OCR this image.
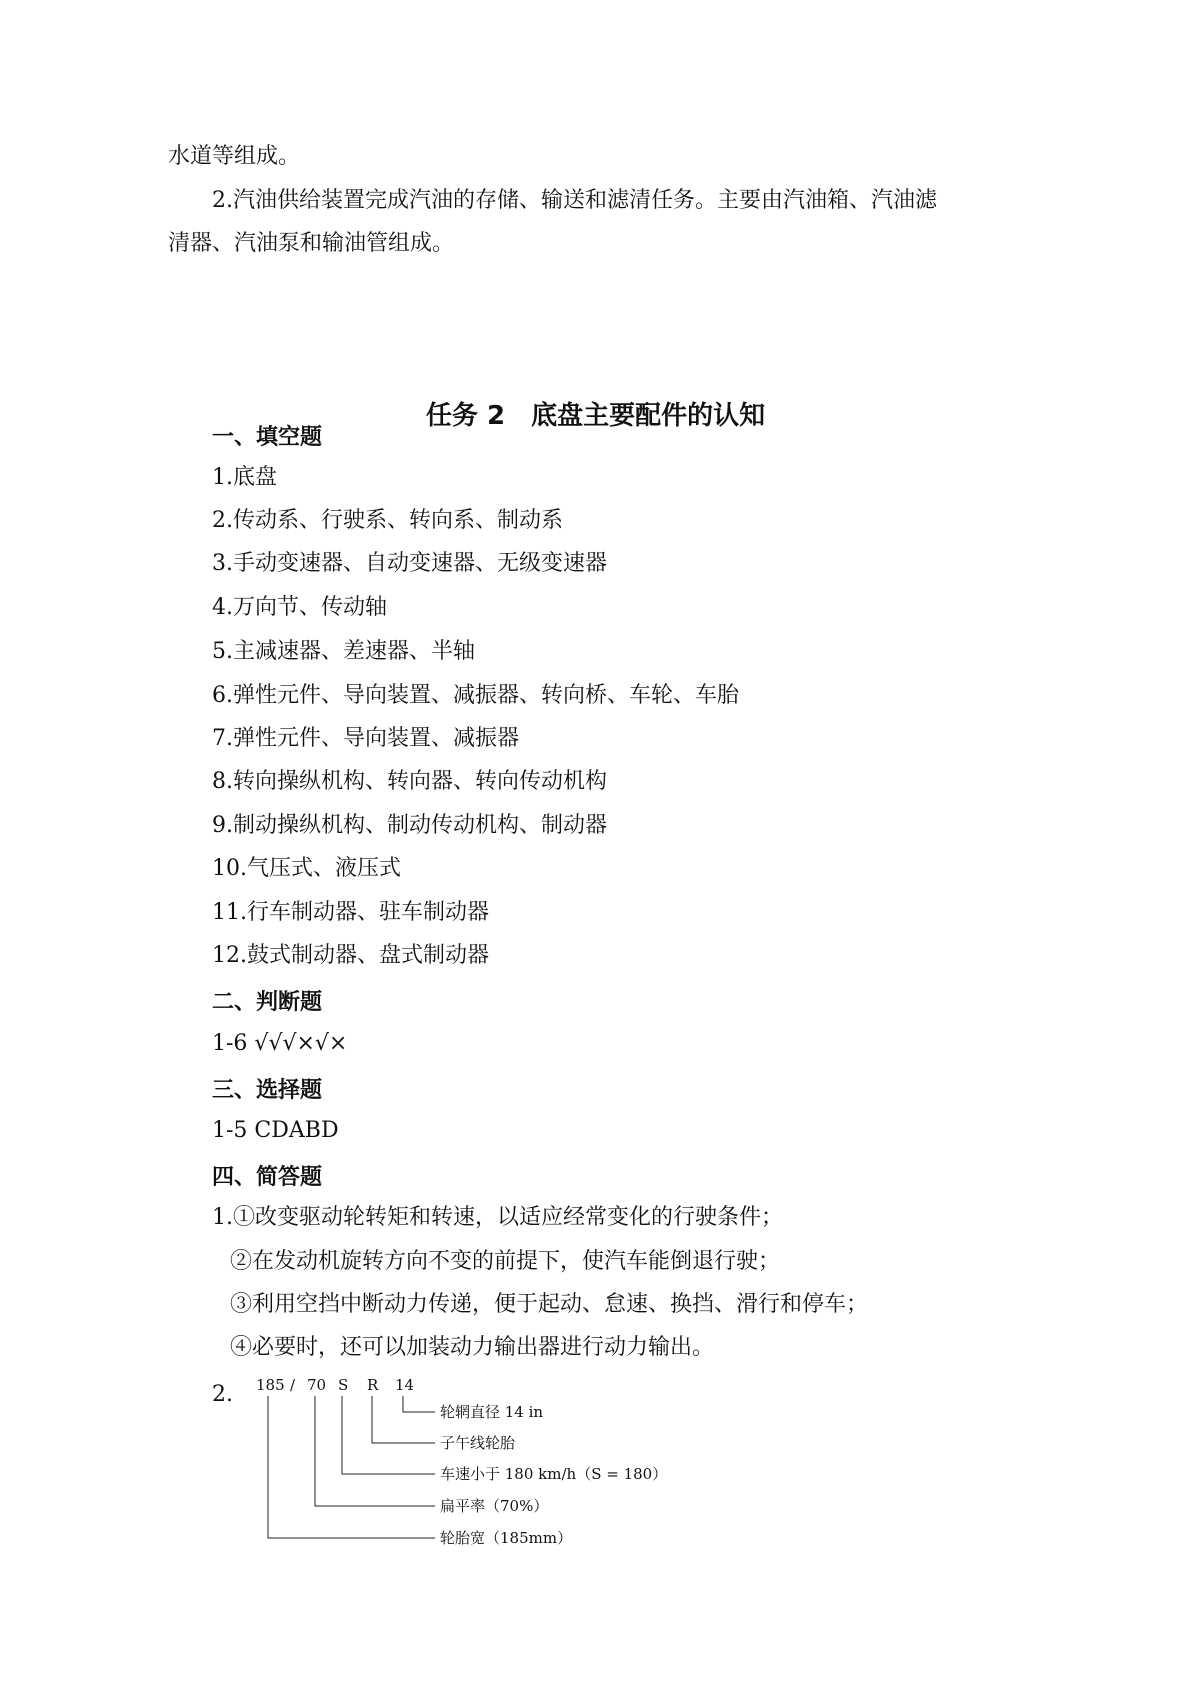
水道等组成。
2.汽油供给装置完成汽油的存储、输送和滤清任务。主要由汽油箱、汽油滤
清器、汽油泵和输油管组成。
任务 2　底盘主要配件的认知
一、填空题
1.底盘
2.传动系、行驶系、转向系、制动系
3.手动变速器、自动变速器、无级变速器
4.万向节、传动轴
5.主减速器、差速器、半轴
6.弹性元件、导向装置、减振器、转向桥、车轮、车胎
7.弹性元件、导向装置、减振器
8.转向操纵机构、转向器、转向传动机构
9.制动操纵机构、制动传动机构、制动器
10.气压式、液压式
11.行车制动器、驻车制动器
12.鼓式制动器、盘式制动器
二、判断题
1-6 √√√×√×
三、选择题
1-5 CDABD
四、简答题
1.①改变驱动轮转矩和转速，以适应经常变化的行驶条件；
②在发动机旋转方向不变的前提下，使汽车能倒退行驶；
③利用空挡中断动力传递，便于起动、怠速、换挡、滑行和停车；
④必要时，还可以加装动力输出器进行动力输出。
2. 185 / 70 S R 14
轮辋直径 14 in
子午线轮胎
车速小于 180 km/h（S = 180）
扁平率（70%）
轮胎宽（185mm）
